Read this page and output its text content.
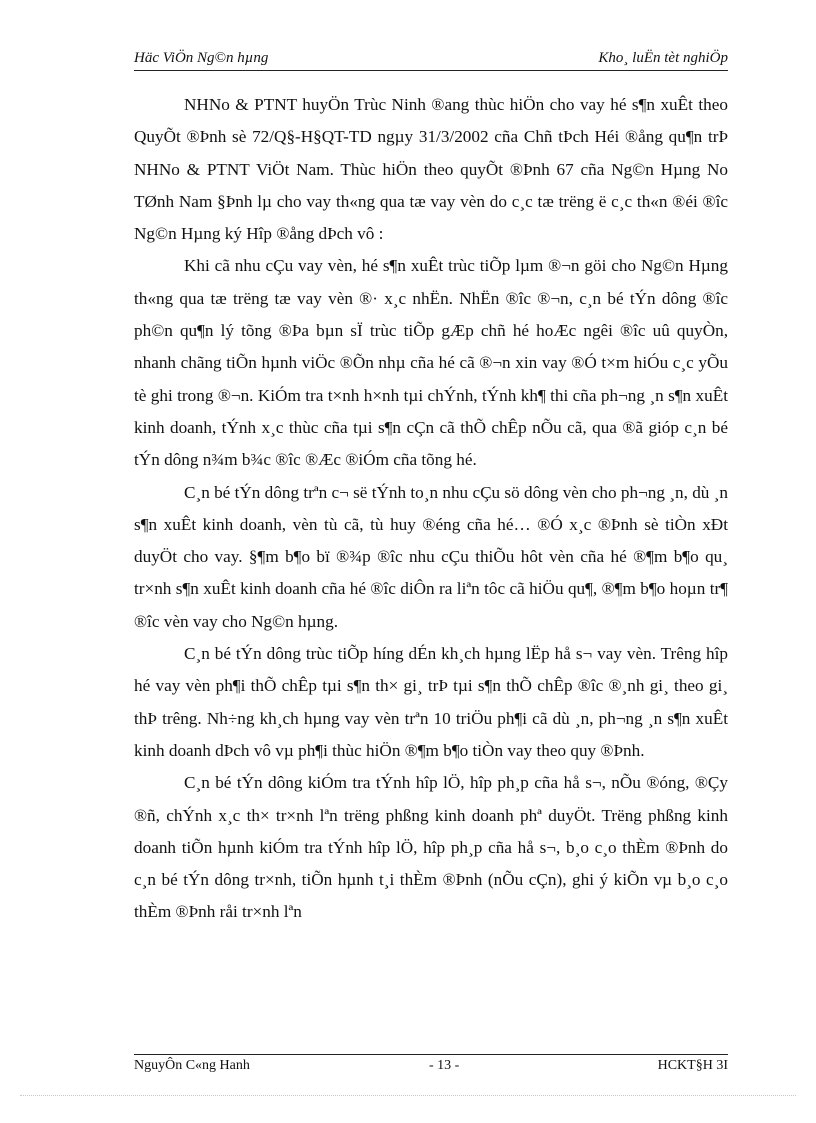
Häc ViÖn Ng©n hµng	Kho¸ luËn tèt nghiÖp

NHNo & PTNT huyÖn Trùc Ninh ®ang thùc hiÖn cho vay hé s¶n xuÊt theo QuyÕt ®Þnh sè 72/Q§-H§QT-TD ngµy 31/3/2002 cña Chñ tÞch Héi ®ång qu¶n trÞ NHNo & PTNT ViÖt Nam. Thùc hiÖn theo quyÕt ®Þnh 67 cña Ng©n Hµng No TØnh Nam §Þnh lµ cho vay th«ng qua tæ vay vèn do c¸c tæ trëng ë c¸c th«n ®éi ®îc Ng©n Hµng ký Hîp ®ång dÞch vô :

Khi cã nhu cÇu vay vèn, hé s¶n xuÊt trùc tiÕp lµm ®¬n göi cho Ng©n Hµng th«ng qua tæ trëng tæ vay vèn ®· x¸c nhËn. NhËn ®îc ®¬n, c¸n bé tÝn dông ®îc ph©n qu¶n lý tõng ®Þa bµn sÏ trùc tiÕp gÆp chñ hé hoÆc ngêi ®îc uû quyÒn, nhanh chãng tiÕn hµnh viÖc ®Õn nhµ cña hé cã ®¬n xin vay ®Ó t×m hiÓu c¸c yÕu tè ghi trong ®¬n. KiÓm tra t×nh h×nh tµi chÝnh, tÝnh kh¶ thi cña ph¬ng ¸n s¶n xuÊt kinh doanh, tÝnh x¸c thùc cña tµi s¶n cÇn cã thÕ chÊp nÕu cã, qua ®ã gióp c¸n bé tÝn dông n¾m b¾c ®îc ®Æc ®iÓm cña tõng hé.

C¸n bé tÝn dông trªn c¬ së tÝnh to¸n nhu cÇu sö dông vèn cho ph¬ng ¸n, dù ¸n s¶n xuÊt kinh doanh, vèn tù cã, tù huy ®éng cña hé… ®Ó x¸c ®Þnh sè tiÒn xÐt duyÖt cho vay. §¶m b¶o bï ®¾p ®îc nhu cÇu thiÕu hôt vèn cña hé ®¶m b¶o qu¸ tr×nh s¶n xuÊt kinh doanh cña hé ®îc diÔn ra liªn tôc cã hiÖu qu¶, ®¶m b¶o hoµn tr¶ ®îc vèn vay cho Ng©n hµng.

C¸n bé tÝn dông trùc tiÕp híng dÉn kh¸ch hµng lËp hå s¬ vay vèn. Trêng hîp hé vay vèn ph¶i thÕ chÊp tµi s¶n th× gi¸ trÞ tµi s¶n thÕ chÊp ®îc ®¸nh gi¸ theo gi¸ thÞ trêng. Nh÷ng kh¸ch hµng vay vèn trªn 10 triÖu ph¶i cã dù ¸n, ph¬ng ¸n s¶n xuÊt kinh doanh dÞch vô vµ ph¶i thùc hiÖn ®¶m b¶o tiÒn vay theo quy ®Þnh.

C¸n bé tÝn dông kiÓm tra tÝnh hîp lÖ, hîp ph¸p cña hå s¬, nÕu ®óng, ®Çy ®ñ, chÝnh x¸c th× tr×nh lªn trëng phßng kinh doanh phª duyÖt. Trëng phßng kinh doanh tiÕn hµnh kiÓm tra tÝnh hîp lÖ, hîp ph¸p cña hå s¬, b¸o c¸o thÈm ®Þnh do c¸n bé tÝn dông tr×nh, tiÕn hµnh t¸i thÈm ®Þnh (nÕu cÇn), ghi ý kiÕn vµ b¸o c¸o thÈm ®Þnh råi tr×nh lªn

NguyÔn C«ng Hanh	- 13 -	HCKT§H 3I
